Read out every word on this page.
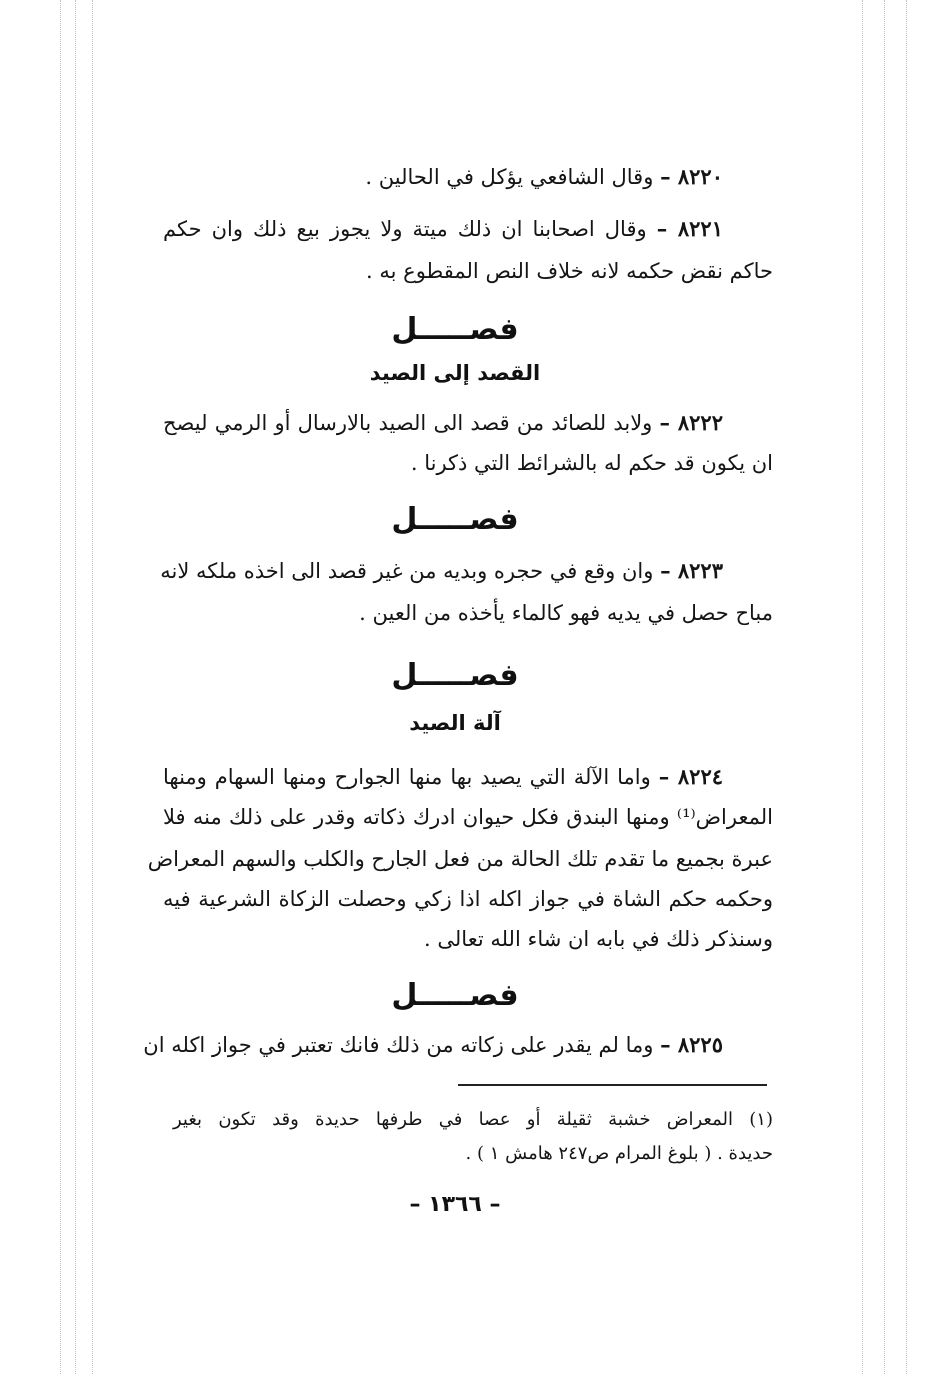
٨٢٢٠ – وقال الشافعي يؤكل في الحالين .
٨٢٢١ – وقال اصحابنا ان ذلك ميتة ولا يجوز بيع ذلك وان حكم
حاكم نقض حكمه لانه خلاف النص المقطوع به .
فصـــــل
القصد إلى الصيد
٨٢٢٢ – ولابد للصائد من قصد الى الصيد بالارسال أو الرمي ليصح
ان يكون قد حكم له بالشرائط التي ذكرنا .
فصـــــل
٨٢٢٣ – وان وقع في حجره وبديه من غير قصد الى اخذه ملكه لانه
مباح حصل في يديه فهو كالماء يأخذه من العين .
فصـــــل
آلة الصيد
٨٢٢٤ – واما الآلة التي يصيد بها منها الجوارح ومنها السهام ومنها
المعراض⁽¹⁾ ومنها البندق فكل حيوان ادرك ذكاته وقدر على ذلك منه فلا
عبرة بجميع ما تقدم تلك الحالة من فعل الجارح والكلب والسهم المعراض
وحكمه حكم الشاة في جواز اكله اذا زكي وحصلت الزكاة الشرعية فيه
وسنذكر ذلك في بابه ان شاء الله تعالى .
فصـــــل
٨٢٢٥ – وما لم يقدر على زكاته من ذلك فانك تعتبر في جواز اكله ان
(١) المعراض خشبة ثقيلة أو عصا في طرفها حديدة وقد تكون بغير
حديدة . ( بلوغ المرام ص٢٤٧ هامش ١ ) .
– ١٣٦٦ –
